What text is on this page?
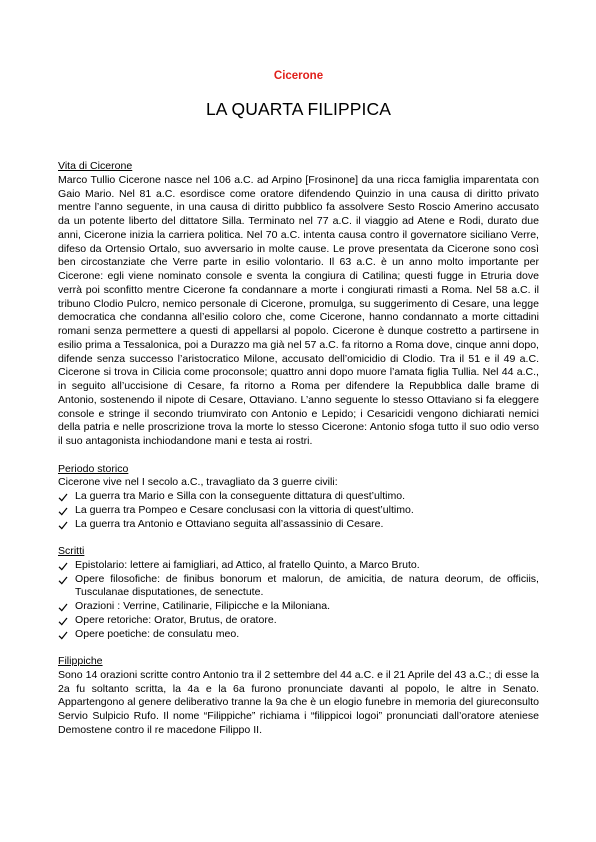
Cicerone
LA QUARTA FILIPPICA
Vita di Cicerone

Marco Tullio Cicerone nasce nel 106 a.C. ad Arpino [Frosinone] da una ricca famiglia imparentata con Gaio Mario. Nel 81 a.C. esordisce come oratore difendendo Quinzio in una causa di diritto privato mentre l’anno seguente, in una causa di diritto pubblico fa assolvere Sesto Roscio Amerino accusato da un potente liberto del dittatore Silla. Terminato nel 77 a.C. il viaggio ad Atene e Rodi, durato due anni, Cicerone inizia la carriera politica. Nel 70 a.C. intenta causa contro il governatore siciliano Verre, difeso da Ortensio Ortalo, suo avversario in molte cause. Le prove presentata da Cicerone sono così ben circostanziate che Verre parte in esilio volontario. Il 63 a.C. è un anno molto importante per Cicerone: egli viene nominato console e sventa la congiura di Catilina; questi fugge in Etruria dove verrà poi sconfitto mentre Cicerone fa condannare a morte i congiurati rimasti a Roma. Nel 58 a.C. il tribuno Clodio Pulcro, nemico personale di Cicerone, promulga, su suggerimento di Cesare, una legge democratica che condanna all’esilio coloro che, come Cicerone, hanno condannato a morte cittadini romani senza permettere a questi di appellarsi al popolo. Cicerone è dunque costretto a partirsene in esilio prima a Tessalonica, poi a Durazzo ma già nel 57 a.C. fa ritorno a Roma dove, cinque anni dopo, difende senza successo l’aristocratico Milone, accusato dell’omicidio di Clodio. Tra il 51 e il 49 a.C. Cicerone si trova in Cilicia come proconsole; quattro anni dopo muore l’amata figlia Tullia. Nel 44 a.C., in seguito all’uccisione di Cesare, fa ritorno a Roma per difendere la Repubblica dalle brame di Antonio, sostenendo il nipote di Cesare, Ottaviano. L’anno seguente lo stesso Ottaviano si fa eleggere console e stringe il secondo triumvirato con Antonio e Lepido; i Cesaricidi vengono dichiarati nemici della patria e nelle proscrizione trova la morte lo stesso Cicerone: Antonio sfoga tutto il suo odio verso il suo antagonista inchiodandone mani e testa ai rostri.

Periodo storico
Cicerone vive nel I secolo a.C., travagliato da 3 guerre civili:
La guerra tra Mario e Silla con la conseguente dittatura di quest’ultimo.
La guerra tra Pompeo e Cesare conclusasi con la vittoria di quest’ultimo.
La guerra tra Antonio e Ottaviano seguita all’assassinio di Cesare.
Scritti
Epistolario: lettere ai famigliari, ad Attico, al fratello Quinto, a Marco Bruto.
Opere filosofiche: de finibus bonorum et malorun, de amicitia, de natura deorum, de officiis, Tusculanae disputationes, de senectute.
Orazioni : Verrine, Catilinarie, Filipicche e la Miloniana.
Opere retoriche: Orator, Brutus, de oratore.
Opere poetiche: de consulatu meo.
Filippiche

Sono 14 orazioni scritte contro Antonio tra il 2 settembre del 44 a.C. e il 21 Aprile del 43 a.C.; di esse la 2a fu soltanto scritta, la 4a e la 6a furono pronunciate davanti al popolo, le altre in Senato. Appartengono al genere deliberativo tranne la 9a che è un elogio funebre in memoria del giureconsulto Servio Sulpicio Rufo. Il nome “Filippiche” richiama i “filippicoi logoi” pronunciati dall’oratore ateniese Demostene contro il re macedone Filippo II.
